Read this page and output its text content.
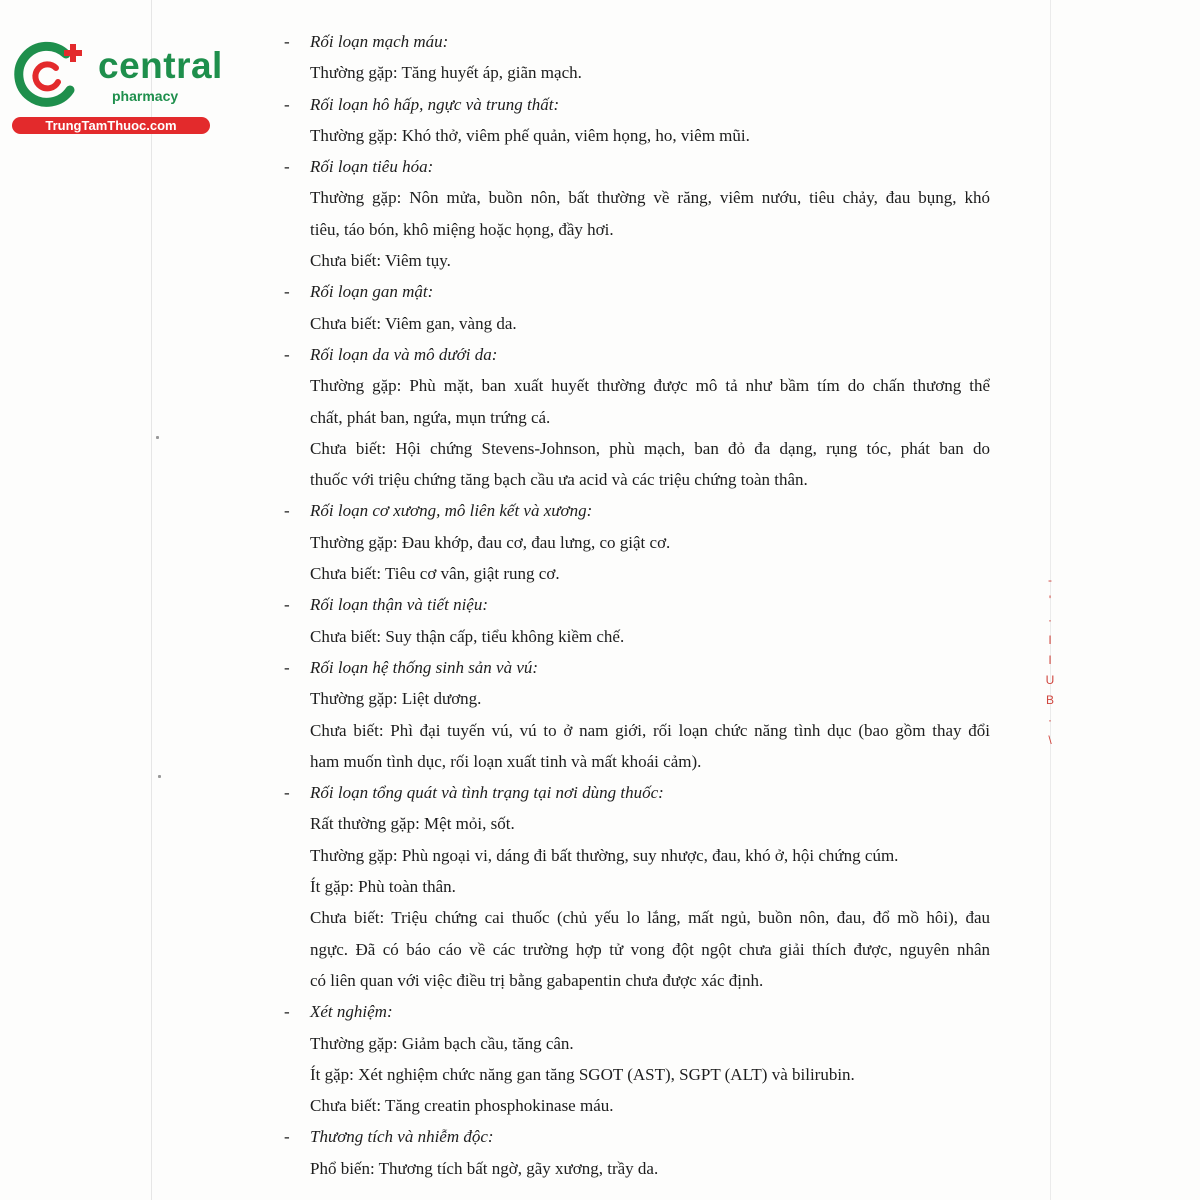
central
pharmacy
TrungTamThuoc.com
- Rối loạn mạch máu:
Thường gặp: Tăng huyết áp, giãn mạch.
- Rối loạn hô hấp, ngực và trung thất:
Thường gặp: Khó thở, viêm phế quản, viêm họng, ho, viêm mũi.
- Rối loạn tiêu hóa:
Thường gặp: Nôn mửa, buồn nôn, bất thường về răng, viêm nướu, tiêu chảy, đau bụng, khó
tiêu, táo bón, khô miệng hoặc họng, đầy hơi.
Chưa biết: Viêm tụy.
- Rối loạn gan mật:
Chưa biết: Viêm gan, vàng da.
- Rối loạn da và mô dưới da:
Thường gặp: Phù mặt, ban xuất huyết thường được mô tả như bầm tím do chấn thương thể
chất, phát ban, ngứa, mụn trứng cá.
Chưa biết: Hội chứng Stevens-Johnson, phù mạch, ban đỏ đa dạng, rụng tóc, phát ban do
thuốc với triệu chứng tăng bạch cầu ưa acid và các triệu chứng toàn thân.
- Rối loạn cơ xương, mô liên kết và xương:
Thường gặp: Đau khớp, đau cơ, đau lưng, co giật cơ.
Chưa biết: Tiêu cơ vân, giật rung cơ.
- Rối loạn thận và tiết niệu:
Chưa biết: Suy thận cấp, tiểu không kiềm chế.
- Rối loạn hệ thống sinh sản và vú:
Thường gặp: Liệt dương.
Chưa biết: Phì đại tuyến vú, vú to ở nam giới, rối loạn chức năng tình dục (bao gồm thay đổi
ham muốn tình dục, rối loạn xuất tinh và mất khoái cảm).
- Rối loạn tổng quát và tình trạng tại nơi dùng thuốc:
Rất thường gặp: Mệt mỏi, sốt.
Thường gặp: Phù ngoại vi, dáng đi bất thường, suy nhược, đau, khó ở, hội chứng cúm.
Ít gặp: Phù toàn thân.
Chưa biết: Triệu chứng cai thuốc (chủ yếu lo lắng, mất ngủ, buồn nôn, đau, đổ mồ hôi), đau
ngực. Đã có báo cáo về các trường hợp tử vong đột ngột chưa giải thích được, nguyên nhân
có liên quan với việc điều trị bằng gabapentin chưa được xác định.
- Xét nghiệm:
Thường gặp: Giảm bạch cầu, tăng cân.
Ít gặp: Xét nghiệm chức năng gan tăng SGOT (AST), SGPT (ALT) và bilirubin.
Chưa biết: Tăng creatin phosphokinase máu.
- Thương tích và nhiễm độc:
Phổ biến: Thương tích bất ngờ, gãy xương, trầy da.
-
'
·
I
I
U
B
·
\
